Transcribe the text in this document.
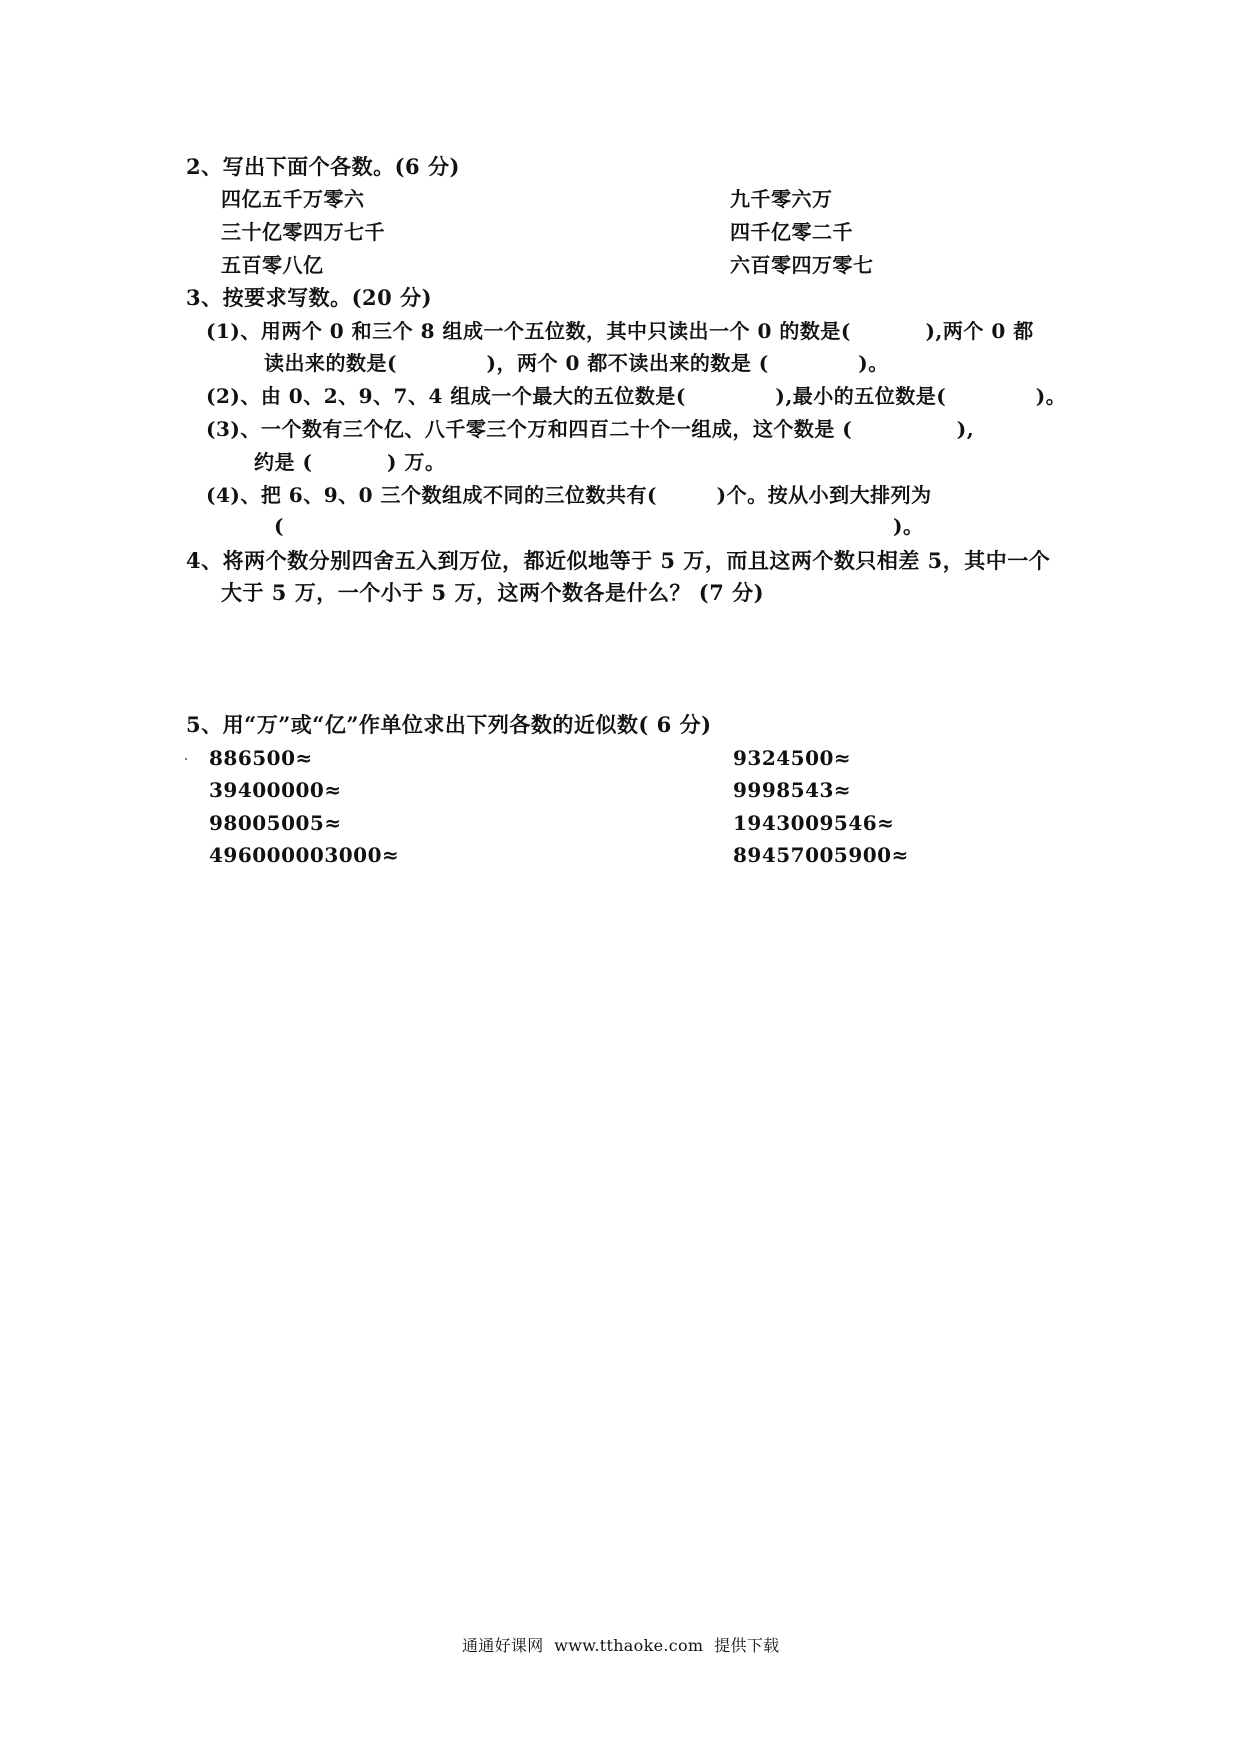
2、写出下面个各数。(6 分)
四亿五千万零六	九千零六万
三十亿零四万七千	四千亿零二千
五百零八亿	六百零四万零七
3、按要求写数。(20 分)
(1)、用两个 0 和三个 8 组成一个五位数，其中只读出一个 0 的数是(          ),两个 0 都
读出来的数是(            )，两个 0 都不读出来的数是 (            )。
(2)、由 0、2、9、7、4 组成一个最大的五位数是(            ),最小的五位数是(            )。
(3)、一个数有三个亿、八千零三个万和四百二十个一组成，这个数是 (              ),
约是 (          ) 万。
(4)、把 6、9、0 三个数组成不同的三位数共有(        )个。按从小到大排列为
(	)。
4、将两个数分别四舍五入到万位，都近似地等于 5 万，而且这两个数只相差 5，其中一个
大于 5 万，一个小于 5 万，这两个数各是什么？ (7 分)
5、用“万”或“亿”作单位求出下列各数的近似数( 6 分)
886500≈	9324500≈
39400000≈	9998543≈
98005005≈	1943009546≈
496000003000≈	89457005900≈
通通好课网  www.tthaoke.com  提供下载
